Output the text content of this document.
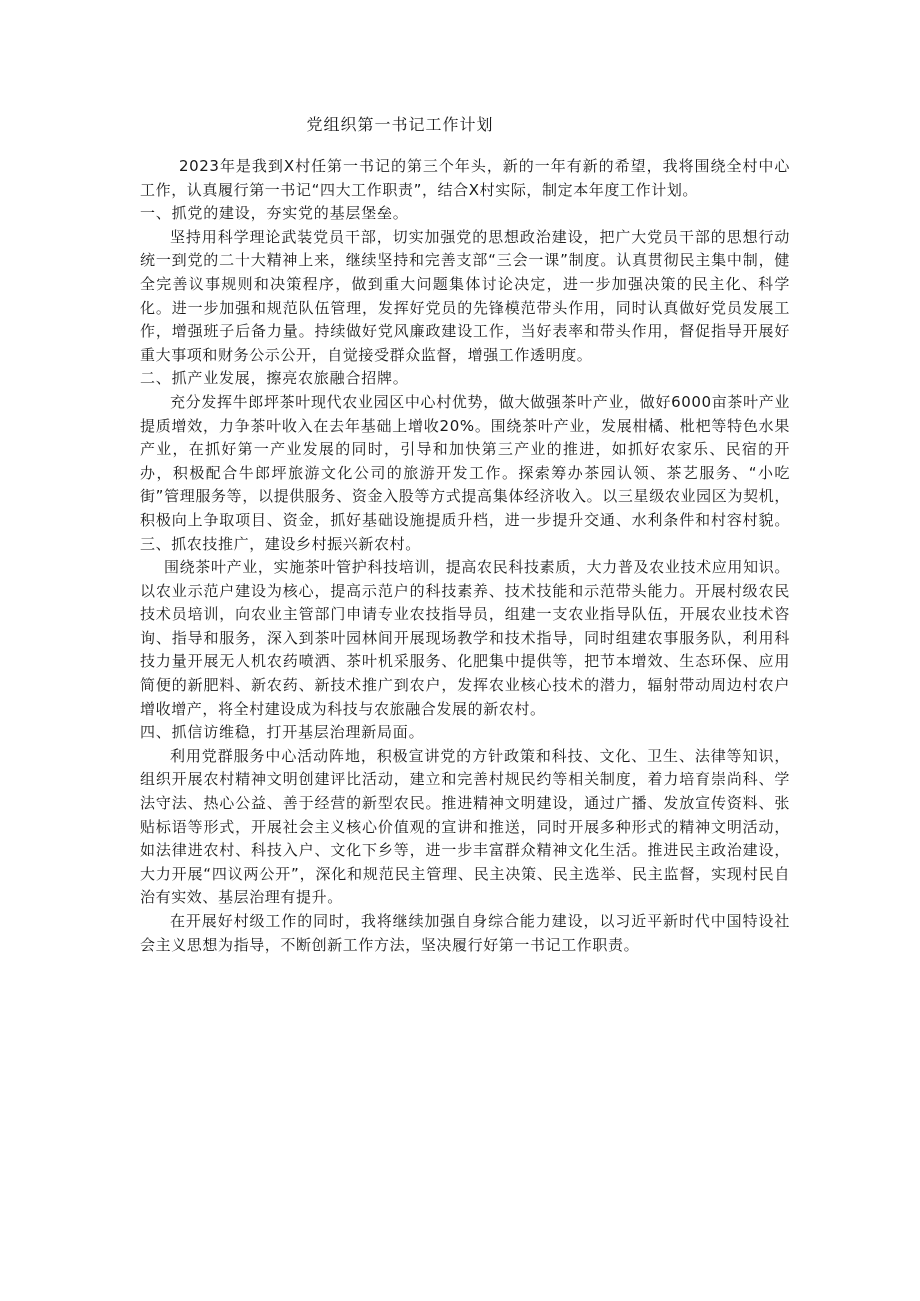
党组织第一书记工作计划

2023年是我到X村任第一书记的第三个年头，新的一年有新的希望，我将围绕全村中心工作，认真履行第一书记“四大工作职责”，结合X村实际，制定本年度工作计划。

一、抓党的建设，夯实党的基层堡垒。

坚持用科学理论武装党员干部，切实加强党的思想政治建设，把广大党员干部的思想行动统一到党的二十大精神上来，继续坚持和完善支部“三会一课”制度。认真贯彻民主集中制，健全完善议事规则和决策程序，做到重大问题集体讨论决定，进一步加强决策的民主化、科学化。进一步加强和规范队伍管理，发挥好党员的先锋模范带头作用，同时认真做好党员发展工作，增强班子后备力量。持续做好党风廉政建设工作，当好表率和带头作用，督促指导开展好重大事项和财务公示公开，自觉接受群众监督，增强工作透明度。

二、抓产业发展，擦亮农旅融合招牌。

充分发挥牛郎坪茶叶现代农业园区中心村优势，做大做强茶叶产业，做好6000亩茶叶产业提质增效，力争茶叶收入在去年基础上增收20%。围绕茶叶产业，发展柑橘、枇杷等特色水果产业，在抓好第一产业发展的同时，引导和加快第三产业的推进，如抓好农家乐、民宿的开办，积极配合牛郎坪旅游文化公司的旅游开发工作。探索筹办茶园认领、茶艺服务、“小吃街”管理服务等，以提供服务、资金入股等方式提高集体经济收入。以三星级农业园区为契机，积极向上争取项目、资金，抓好基础设施提质升档，进一步提升交通、水利条件和村容村貌。三、抓农技推广，建设乡村振兴新农村。

围绕茶叶产业，实施茶叶管护科技培训，提高农民科技素质，大力普及农业技术应用知识。以农业示范户建设为核心，提高示范户的科技素养、技术技能和示范带头能力。开展村级农民技术员培训，向农业主管部门申请专业农技指导员，组建一支农业指导队伍，开展农业技术咨询、指导和服务，深入到茶叶园林间开展现场教学和技术指导，同时组建农事服务队，利用科技力量开展无人机农药喷洒、茶叶机采服务、化肥集中提供等，把节本增效、生态环保、应用简便的新肥料、新农药、新技术推广到农户，发挥农业核心技术的潜力，辐射带动周边村农户增收增产，将全村建设成为科技与农旅融合发展的新农村。

四、抓信访维稳，打开基层治理新局面。

利用党群服务中心活动阵地，积极宣讲党的方针政策和科技、文化、卫生、法律等知识，组织开展农村精神文明创建评比活动，建立和完善村规民约等相关制度，着力培育崇尚科、学法守法、热心公益、善于经营的新型农民。推进精神文明建设，通过广播、发放宣传资料、张贴标语等形式，开展社会主义核心价值观的宣讲和推送，同时开展多种形式的精神文明活动，如法律进农村、科技入户、文化下乡等，进一步丰富群众精神文化生活。推进民主政治建设，大力开展“四议两公开”，深化和规范民主管理、民主决策、民主选举、民主监督，实现村民自治有实效、基层治理有提升。

在开展好村级工作的同时，我将继续加强自身综合能力建设，以习近平新时代中国特设社会主义思想为指导，不断创新工作方法，坚决履行好第一书记工作职责。
